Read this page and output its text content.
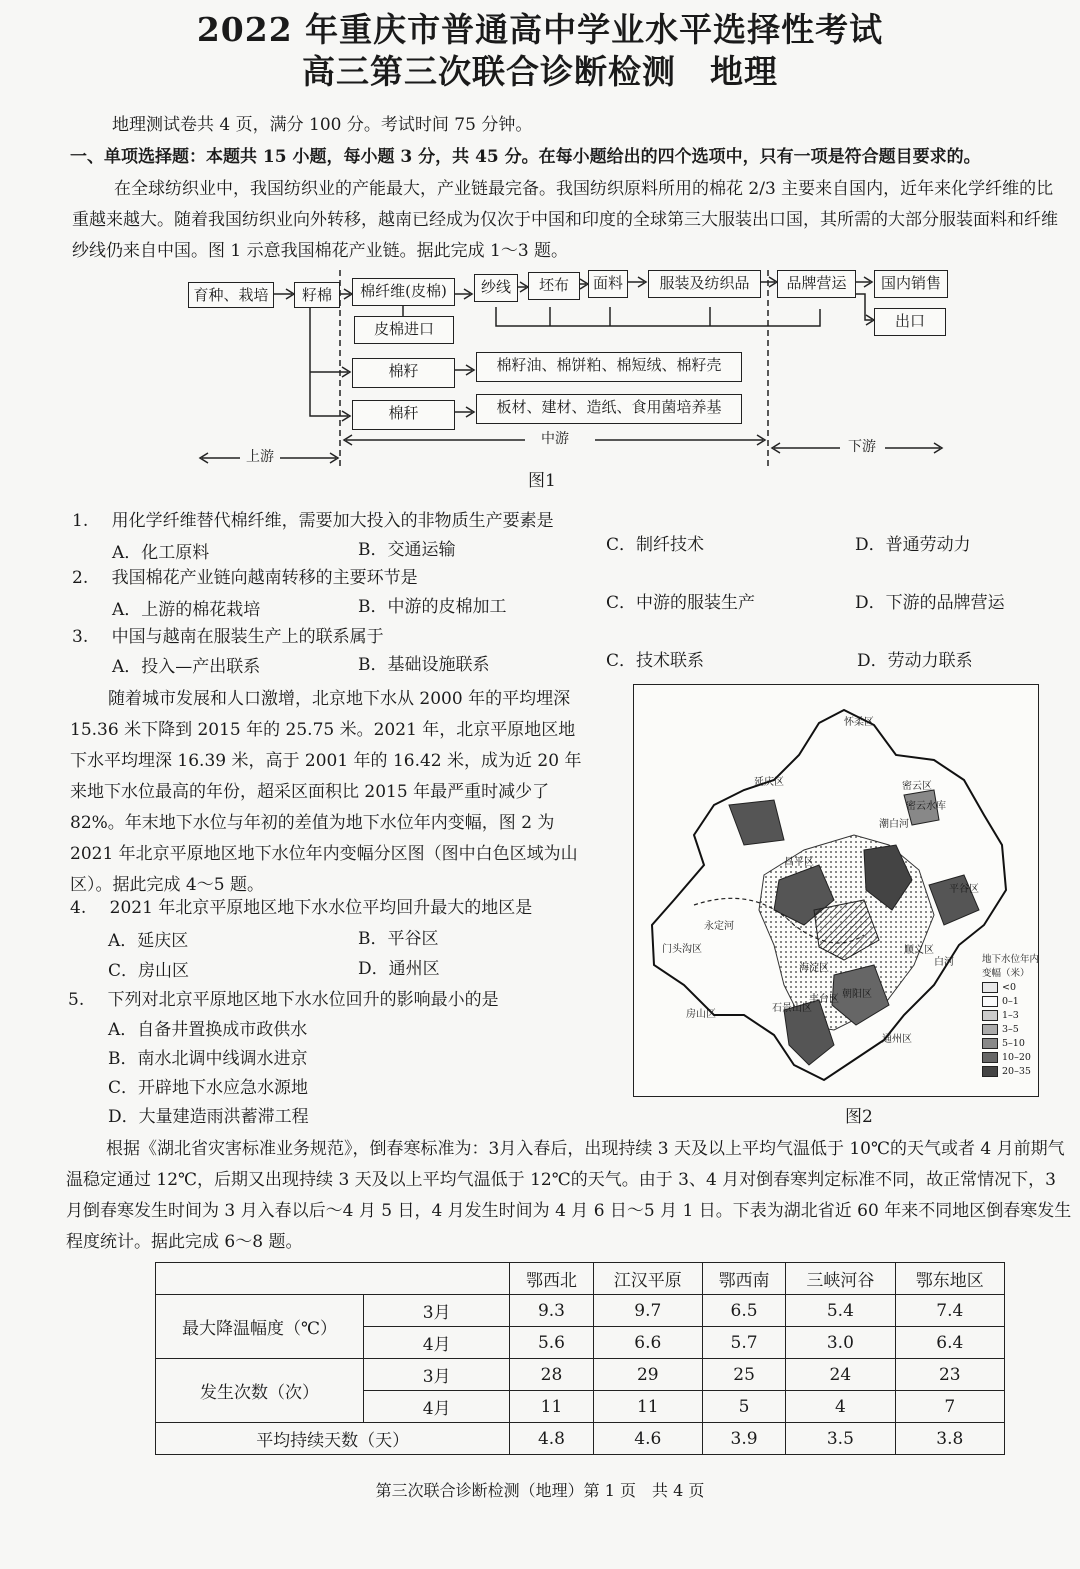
2022 年重庆市普通高中学业水平选择性考试
高三第三次联合诊断检测　地理
地理测试卷共 4 页，满分 100 分。考试时间 75 分钟。
一、单项选择题：本题共 15 小题，每小题 3 分，共 45 分。在每小题给出的四个选项中，只有一项是符合题目要求的。
在全球纺织业中，我国纺织业的产能最大，产业链最完备。我国纺织原料所用的棉花 2/3 主要来自国内，近年来化学纤维的比重越来越大。随着我国纺织业向外转移，越南已经成为仅次于中国和印度的全球第三大服装出口国，其所需的大部分服装面料和纤维纱线仍来自中国。图 1 示意我国棉花产业链。据此完成 1～3 题。
育种、栽培	籽棉	棉纤维(皮棉)
皮棉进口
纱线	坯布	面料	服装及纺织品	品牌营运	国内销售
出口
棉籽	棉籽油、棉饼粕、棉短绒、棉籽壳
棉秆	板材、建材、造纸、食用菌培养基
上游
中游	下游
图1
1. 用化学纤维替代棉纤维，需要加大投入的非物质生产要素是
A．化工原料	B．交通运输	C．制纤技术	D．普通劳动力
2. 我国棉花产业链向越南转移的主要环节是
A．上游的棉花栽培	B．中游的皮棉加工	C．中游的服装生产	D．下游的品牌营运
3. 中国与越南在服装生产上的联系属于
A．投入—产出联系	B．基础设施联系	C．技术联系	D．劳动力联系
随着城市发展和人口激增，北京地下水从 2000 年的平均埋深 15.36 米下降到 2015 年的 25.75 米。2021 年，北京平原地区地下水平均埋深 16.39 米，高于 2001 年的 16.42 米，成为近 20 年来地下水位最高的年份，超采区面积比 2015 年最严重时减少了 82%。年末地下水位与年初的差值为地下水位年内变幅，图 2 为 2021 年北京平原地区地下水位年内变幅分区图（图中白色区域为山区）。据此完成 4～5 题。
4. 2021 年北京平原地区地下水水位平均回升最大的地区是
A．延庆区	B．平谷区
C．房山区	D．通州区
5. 下列对北京平原地区地下水水位回升的影响最小的是
A．自备井置换成市政供水
B．南水北调中线调水进京
C．开辟地下水应急水源地
D．大量建造雨洪蓄滞工程
怀柔区
密云区
密云水库
延庆区
昌平区
平谷区
门头沟区	顺义区
海淀区
朝阳区
石景山区
丰台区
房山区
通州区
永定河
潮白河
白河	地下水位年内变幅（米）
<0
0–1
1–3
3–5
5–10
10–20
20–35
图2
根据《湖北省灾害标准业务规范》，倒春寒标准为：3月入春后，出现持续 3 天及以上平均气温低于 10℃的天气或者 4 月前期气温稳定通过 12℃，后期又出现持续 3 天及以上平均气温低于 12℃的天气。由于 3、4 月对倒春寒判定标准不同，故正常情况下，3 月倒春寒发生时间为 3 月入春以后～4 月 5 日，4 月发生时间为 4 月 6 日～5 月 1 日。下表为湖北省近 60 年来不同地区倒春寒发生程度统计。据此完成 6～8 题。
		鄂西北	江汉平原	鄂西南	三峡河谷	鄂东地区
最大降温幅度（℃）	3月	9.3	9.7	6.5	5.4	7.4
	4月	5.6	6.6	5.7	3.0	6.4
发生次数（次）	3月	28	29	25	24	23
	4月	11	11	5	4	7
平均持续天数（天）		4.8	4.6	3.9	3.5	3.8
第三次联合诊断检测（地理）第 1 页　共 4 页
